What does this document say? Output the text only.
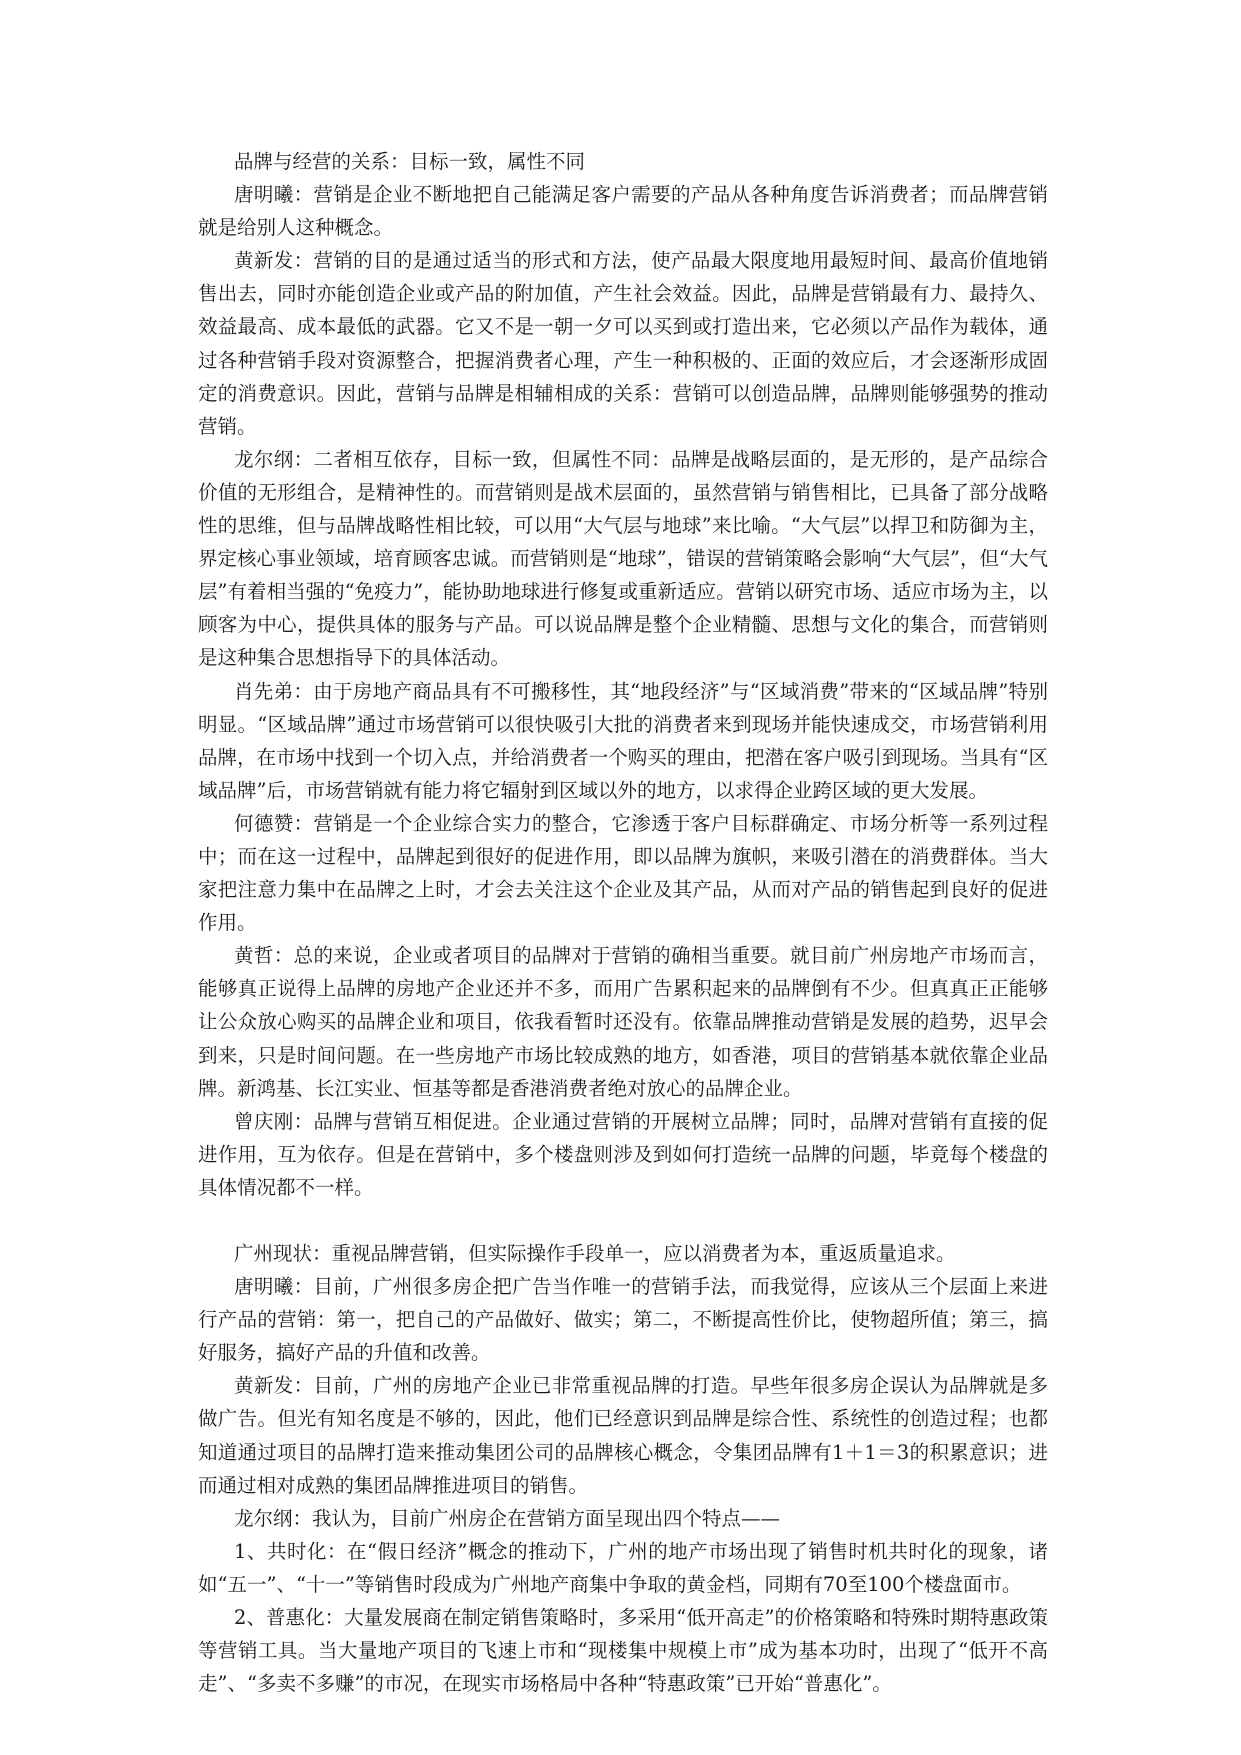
品牌与经营的关系：目标一致，属性不同

唐明曦：营销是企业不断地把自己能满足客户需要的产品从各种角度告诉消费者；而品牌营销就是给别人这种概念。

黄新发：营销的目的是通过适当的形式和方法，使产品最大限度地用最短时间、最高价值地销售出去，同时亦能创造企业或产品的附加值，产生社会效益。因此，品牌是营销最有力、最持久、效益最高、成本最低的武器。它又不是一朝一夕可以买到或打造出来，它必须以产品作为载体，通过各种营销手段对资源整合，把握消费者心理，产生一种积极的、正面的效应后，才会逐渐形成固定的消费意识。因此，营销与品牌是相辅相成的关系：营销可以创造品牌，品牌则能够强势的推动营销。

龙尔纲：二者相互依存，目标一致，但属性不同：品牌是战略层面的，是无形的，是产品综合价值的无形组合，是精神性的。而营销则是战术层面的，虽然营销与销售相比，已具备了部分战略性的思维，但与品牌战略性相比较，可以用“大气层与地球”来比喻。“大气层”以捍卫和防御为主，界定核心事业领域，培育顾客忠诚。而营销则是“地球”，错误的营销策略会影响“大气层”，但“大气层”有着相当强的“免疫力”，能协助地球进行修复或重新适应。营销以研究市场、适应市场为主，以顾客为中心，提供具体的服务与产品。可以说品牌是整个企业精髓、思想与文化的集合，而营销则是这种集合思想指导下的具体活动。

肖先弟：由于房地产商品具有不可搬移性，其“地段经济”与“区域消费”带来的“区域品牌”特别明显。“区域品牌”通过市场营销可以很快吸引大批的消费者来到现场并能快速成交，市场营销利用品牌，在市场中找到一个切入点，并给消费者一个购买的理由，把潜在客户吸引到现场。当具有“区域品牌”后，市场营销就有能力将它辐射到区域以外的地方，以求得企业跨区域的更大发展。

何德赞：营销是一个企业综合实力的整合，它渗透于客户目标群确定、市场分析等一系列过程中；而在这一过程中，品牌起到很好的促进作用，即以品牌为旗帜，来吸引潜在的消费群体。当大家把注意力集中在品牌之上时，才会去关注这个企业及其产品，从而对产品的销售起到良好的促进作用。

黄哲：总的来说，企业或者项目的品牌对于营销的确相当重要。就目前广州房地产市场而言，能够真正说得上品牌的房地产企业还并不多，而用广告累积起来的品牌倒有不少。但真真正正能够让公众放心购买的品牌企业和项目，依我看暂时还没有。依靠品牌推动营销是发展的趋势，迟早会到来，只是时间问题。在一些房地产市场比较成熟的地方，如香港，项目的营销基本就依靠企业品牌。新鸿基、长江实业、恒基等都是香港消费者绝对放心的品牌企业。

曾庆刚：品牌与营销互相促进。企业通过营销的开展树立品牌；同时，品牌对营销有直接的促进作用，互为依存。但是在营销中，多个楼盘则涉及到如何打造统一品牌的问题，毕竟每个楼盘的具体情况都不一样。

广州现状：重视品牌营销，但实际操作手段单一，应以消费者为本，重返质量追求。

唐明曦：目前，广州很多房企把广告当作唯一的营销手法，而我觉得，应该从三个层面上来进行产品的营销：第一，把自己的产品做好、做实；第二，不断提高性价比，使物超所值；第三，搞好服务，搞好产品的升值和改善。

黄新发：目前，广州的房地产企业已非常重视品牌的打造。早些年很多房企误认为品牌就是多做广告。但光有知名度是不够的，因此，他们已经意识到品牌是综合性、系统性的创造过程；也都知道通过项目的品牌打造来推动集团公司的品牌核心概念，令集团品牌有1＋1＝3的积累意识；进而通过相对成熟的集团品牌推进项目的销售。

龙尔纲：我认为，目前广州房企在营销方面呈现出四个特点——

1、共时化：在“假日经济”概念的推动下，广州的地产市场出现了销售时机共时化的现象，诸如“五一”、“十一”等销售时段成为广州地产商集中争取的黄金档，同期有70至100个楼盘面市。

2、普惠化：大量发展商在制定销售策略时，多采用“低开高走”的价格策略和特殊时期特惠政策等营销工具。当大量地产项目的飞速上市和“现楼集中规模上市”成为基本功时，出现了“低开不高走”、“多卖不多赚”的市况，在现实市场格局中各种“特惠政策”已开始“普惠化”。
